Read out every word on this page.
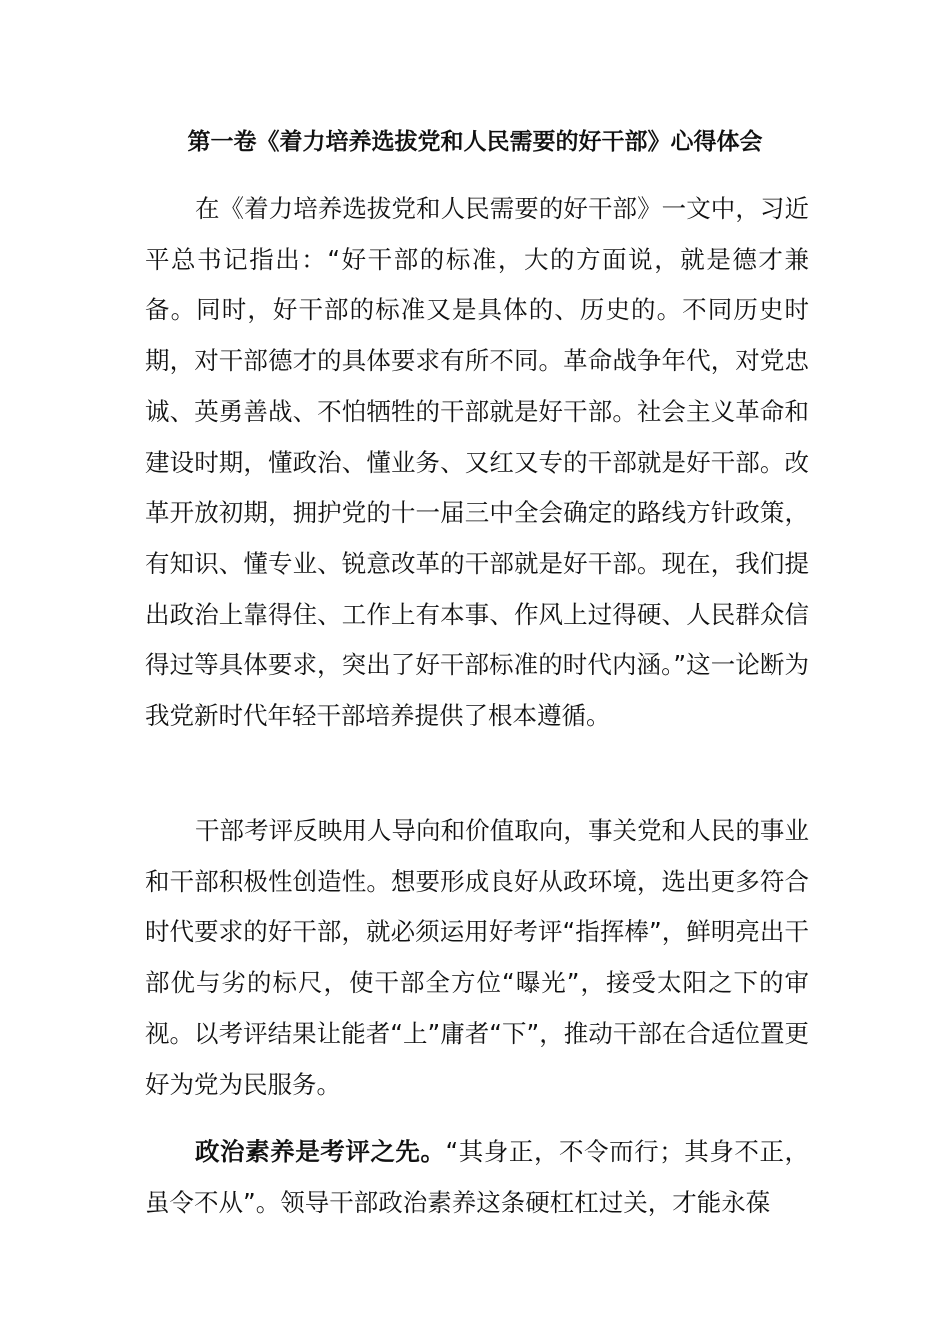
第一卷《着力培养选拔党和人民需要的好干部》心得体会

在《着力培养选拔党和人民需要的好干部》一文中，习近平总书记指出：“好干部的标准，大的方面说，就是德才兼备。同时，好干部的标准又是具体的、历史的。不同历史时期，对干部德才的具体要求有所不同。革命战争年代，对党忠诚、英勇善战、不怕牺牲的干部就是好干部。社会主义革命和建设时期，懂政治、懂业务、又红又专的干部就是好干部。改革开放初期，拥护党的十一届三中全会确定的路线方针政策，有知识、懂专业、锐意改革的干部就是好干部。现在，我们提出政治上靠得住、工作上有本事、作风上过得硬、人民群众信得过等具体要求，突出了好干部标准的时代内涵。”这一论断为我党新时代年轻干部培养提供了根本遵循。

干部考评反映用人导向和价值取向，事关党和人民的事业和干部积极性创造性。想要形成良好从政环境，选出更多符合时代要求的好干部，就必须运用好考评“指挥棒”，鲜明亮出干部优与劣的标尺，使干部全方位“曝光”，接受太阳之下的审视。以考评结果让能者“上”庸者“下”，推动干部在合适位置更好为党为民服务。

政治素养是考评之先。“其身正，不令而行；其身不正，虽令不从”。领导干部政治素养这条硬杠杠过关，才能永葆
